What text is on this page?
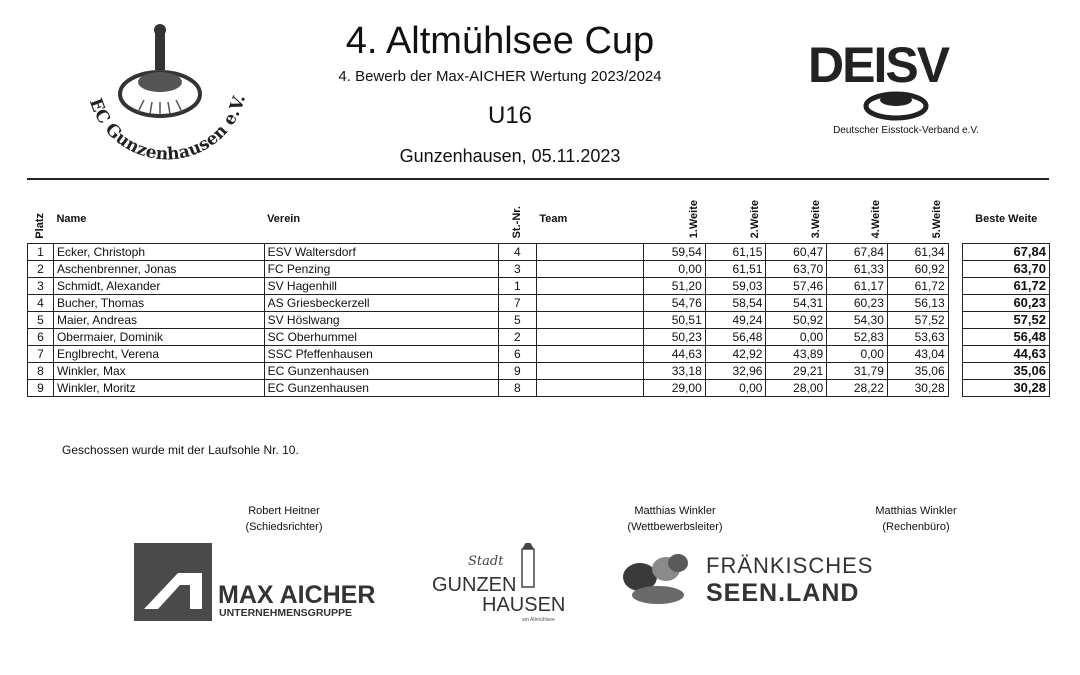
EC Gunzenhausen e.V.
4. Altmühlsee Cup
4. Bewerb der Max-AICHER Wertung 2023/2024
U16
Gunzenhausen, 05.11.2023
DEISV
Deutscher Eisstock-Verband e.V.
Platz	Name	Verein	St.-Nr.	Team	1.Weite	2.Weite	3.Weite	4.Weite	5.Weite		Beste Weite
1	Ecker, Christoph	ESV Waltersdorf	4		59,54	61,15	60,47	67,84	61,34		67,84
2	Aschenbrenner, Jonas	FC Penzing	3		0,00	61,51	63,70	61,33	60,92		63,70
3	Schmidt, Alexander	SV Hagenhill	1		51,20	59,03	57,46	61,17	61,72		61,72
4	Bucher, Thomas	AS Griesbeckerzell	7		54,76	58,54	54,31	60,23	56,13		60,23
5	Maier, Andreas	SV Höslwang	5		50,51	49,24	50,92	54,30	57,52		57,52
6	Obermaier, Dominik	SC Oberhummel	2		50,23	56,48	0,00	52,83	53,63		56,48
7	Englbrecht, Verena	SSC Pfeffenhausen	6		44,63	42,92	43,89	0,00	43,04		44,63
8	Winkler, Max	EC Gunzenhausen	9		33,18	32,96	29,21	31,79	35,06		35,06
9	Winkler, Moritz	EC Gunzenhausen	8		29,00	0,00	28,00	28,22	30,28		30,28
Geschossen wurde mit der Laufsohle Nr. 10.
Robert Heitner
(Schiedsrichter)
Matthias Winkler
(Wettbewerbsleiter)
Matthias Winkler
(Rechenbüro)
MAX AICHER
UNTERNEHMENSGRUPPE
Stadt
GUNZEN
HAUSEN
am Altmühlsee
FRÄNKISCHES
SEEN.LAND
